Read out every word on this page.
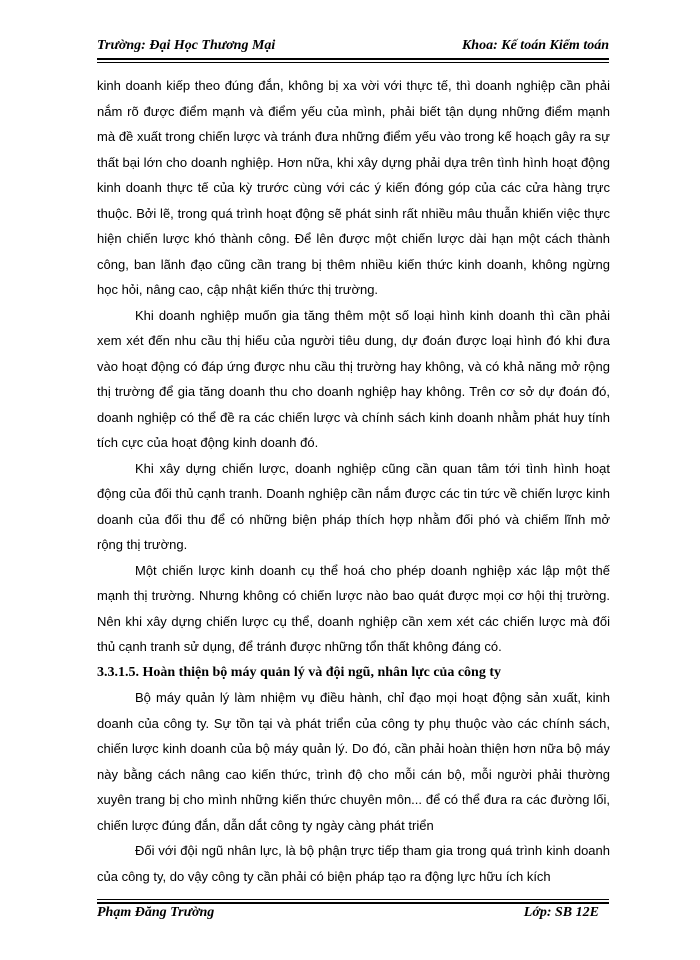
Trường: Đại Học Thương Mại	Khoa: Kế toán Kiểm toán

kinh doanh kiếp theo đúng đắn, không bị xa vời với thực tế, thì doanh nghiệp cần phải nắm rõ được điểm mạnh và điểm yếu của mình, phải biết tận dụng những điểm mạnh mà đề xuất trong chiến lược và tránh đưa những điểm yếu vào trong kế hoạch gây ra sự thất bại lớn cho doanh nghiệp. Hơn nữa, khi xây dựng phải dựa trên tình hình hoạt động kinh doanh thực tế của kỳ trước cùng với các ý kiến đóng góp của các cửa hàng trực thuộc. Bởi lẽ, trong quá trình hoạt động sẽ phát sinh rất nhiều mâu thuẫn khiến việc thực hiện chiến lược khó thành công. Để lên được một chiến lược dài hạn một cách thành công, ban lãnh đạo cũng cần trang bị thêm nhiều kiến thức kinh doanh, không ngừng học hỏi, nâng cao, cập nhật kiến thức thị trường.

Khi doanh nghiệp muốn gia tăng thêm một số loại hình kinh doanh thì cần phải xem xét đến nhu cầu thị hiếu của người tiêu dung, dự đoán được loại hình đó khi đưa vào hoạt động có đáp ứng được nhu cầu thị trường hay không, và có khả năng mở rộng thị trường để gia tăng doanh thu cho doanh nghiệp hay không. Trên cơ sở dự đoán đó, doanh nghiệp có thể đề ra các chiến lược và chính sách kinh doanh nhằm phát huy tính tích cực của hoạt động kinh doanh đó.

Khi xây dựng chiến lược, doanh nghiệp cũng cần quan tâm tới tình hình hoạt động của đối thủ cạnh tranh. Doanh nghiệp cần nắm được các tin tức về chiến lược kinh doanh của đối thu để có những biện pháp thích hợp nhằm đối phó và chiếm lĩnh mở rộng thị trường.

Một chiến lược kinh doanh cụ thể hoá cho phép doanh nghiệp xác lập một thế mạnh thị trường. Nhưng không có chiến lược nào bao quát được mọi cơ hội thị trường. Nên khi xây dựng chiến lược cụ thể, doanh nghiệp cần xem xét các chiến lược mà đối thủ cạnh tranh sử dụng, để tránh được những tổn thất không đáng có.

3.3.1.5. Hoàn thiện bộ máy quản lý và đội ngũ, nhân lực của công ty

Bộ máy quản lý làm nhiệm vụ điều hành, chỉ đạo mọi hoạt động sản xuất, kinh doanh của công ty. Sự tồn tại và phát triển của công ty phụ thuộc vào các chính sách, chiến lược kinh doanh của bộ máy quản lý. Do đó, cần phải hoàn thiện hơn nữa bộ máy này bằng cách nâng cao kiến thức, trình độ cho mỗi cán bộ, mỗi người phải thường xuyên trang bị cho mình những kiến thức chuyên môn... để có thể đưa ra các đường lối, chiến lược đúng đắn, dẫn dắt công ty ngày càng phát triển

Đối với đội ngũ nhân lực, là bộ phận trực tiếp tham gia trong quá trình kinh doanh của công ty, do vậy công ty cần phải có biện pháp tạo ra động lực hữu ích kích

Phạm Đăng Trường	Lớp: SB 12E
